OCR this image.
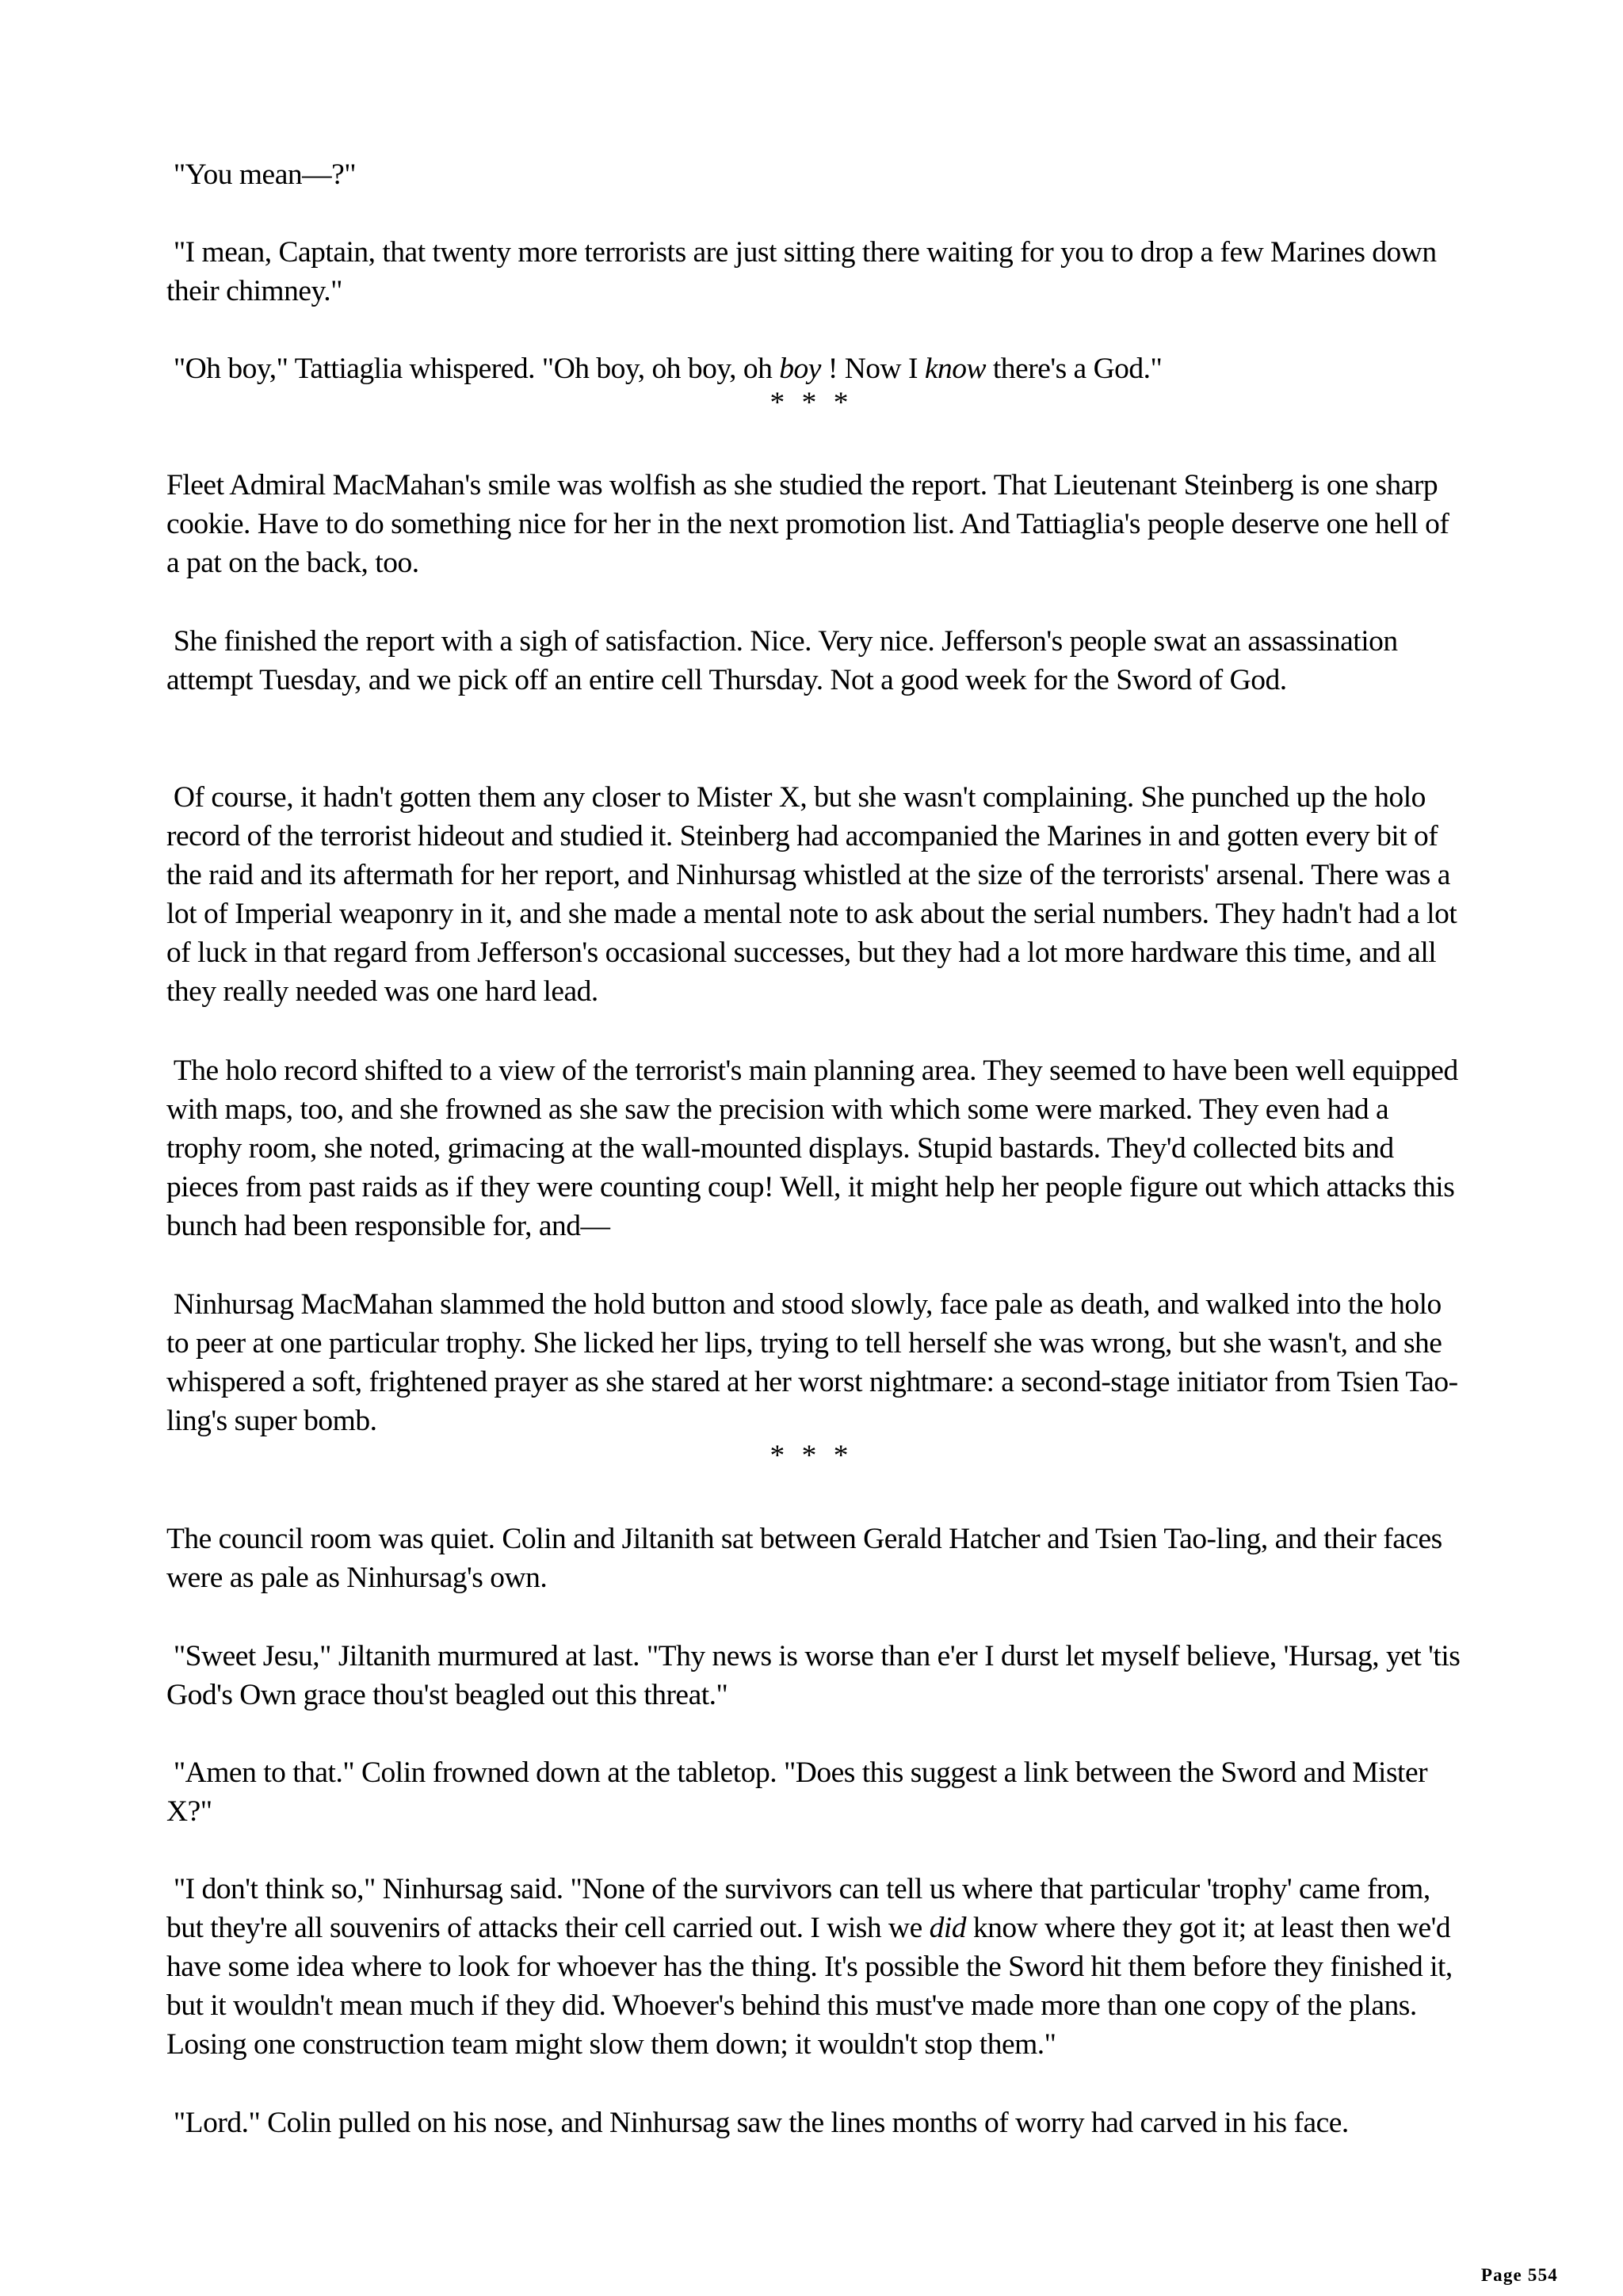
"You mean—?"

"I mean, Captain, that twenty more terrorists are just sitting there waiting for you to drop a few Marines down their chimney."

"Oh boy," Tattiaglia whispered. "Oh boy, oh boy, oh boy ! Now I know there's a God."

* * *

Fleet Admiral MacMahan's smile was wolfish as she studied the report. That Lieutenant Steinberg is one sharp cookie. Have to do something nice for her in the next promotion list. And Tattiaglia's people deserve one hell of a pat on the back, too.

She finished the report with a sigh of satisfaction. Nice. Very nice. Jefferson's people swat an assassination attempt Tuesday, and we pick off an entire cell Thursday. Not a good week for the Sword of God.

Of course, it hadn't gotten them any closer to Mister X, but she wasn't complaining. She punched up the holo record of the terrorist hideout and studied it. Steinberg had accompanied the Marines in and gotten every bit of the raid and its aftermath for her report, and Ninhursag whistled at the size of the terrorists' arsenal. There was a lot of Imperial weaponry in it, and she made a mental note to ask about the serial numbers. They hadn't had a lot of luck in that regard from Jefferson's occasional successes, but they had a lot more hardware this time, and all they really needed was one hard lead.

The holo record shifted to a view of the terrorist's main planning area. They seemed to have been well equipped with maps, too, and she frowned as she saw the precision with which some were marked. They even had a trophy room, she noted, grimacing at the wall-mounted displays. Stupid bastards. They'd collected bits and pieces from past raids as if they were counting coup! Well, it might help her people figure out which attacks this bunch had been responsible for, and—

Ninhursag MacMahan slammed the hold button and stood slowly, face pale as death, and walked into the holo to peer at one particular trophy. She licked her lips, trying to tell herself she was wrong, but she wasn't, and she whispered a soft, frightened prayer as she stared at her worst nightmare: a second-stage initiator from Tsien Tao-ling's super bomb.

* * *

The council room was quiet. Colin and Jiltanith sat between Gerald Hatcher and Tsien Tao-ling, and their faces were as pale as Ninhursag's own.

"Sweet Jesu," Jiltanith murmured at last. "Thy news is worse than e'er I durst let myself believe, 'Hursag, yet 'tis God's Own grace thou'st beagled out this threat."

"Amen to that." Colin frowned down at the tabletop. "Does this suggest a link between the Sword and Mister X?"

"I don't think so," Ninhursag said. "None of the survivors can tell us where that particular 'trophy' came from, but they're all souvenirs of attacks their cell carried out. I wish we did know where they got it; at least then we'd have some idea where to look for whoever has the thing. It's possible the Sword hit them before they finished it, but it wouldn't mean much if they did. Whoever's behind this must've made more than one copy of the plans. Losing one construction team might slow them down; it wouldn't stop them."

"Lord." Colin pulled on his nose, and Ninhursag saw the lines months of worry had carved in his face.

Page 554
